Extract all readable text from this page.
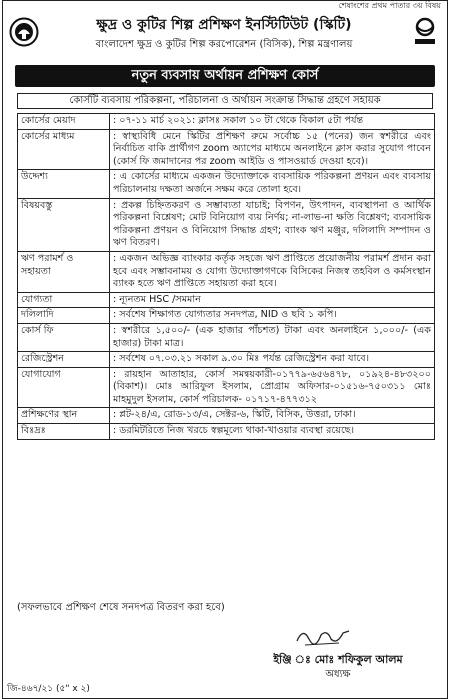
শেষাংশের প্রথম পাতার ৩য় বিষয়
ক্ষুদ্র ও কুটির শিল্প প্রশিক্ষণ ইনস্টিটিউট (স্কিটি)
বাংলাদেশ ক্ষুদ্র ও কুটির শিল্প করপোরেশন (বিসিক), শিল্প মন্ত্রণালয়
নতুন ব্যবসায় অর্থায়ন প্রশিক্ষণ কোর্স
কোর্সটি ব্যবসায় পরিকল্পনা, পরিচালনা ও অর্থায়ন সংক্রান্ত সিদ্ধান্ত গ্রহণে সহায়ক
কোর্সের মেয়াদ	: ০৭-১১ মার্চ ২০২১: ক্লাসঃ সকাল ১০ টা থেকে বিকাল ৫টা পর্যন্ত
কোর্সের মাধ্যম	: স্বাস্থ্যবিধি মেনে স্কিটির প্রশিক্ষণ রুমে সর্বোচ্চ ১৫ (পনের) জন স্বশরীরে এবং নির্বাচিত বাকি প্রার্থীগণ zoom অ্যাপের মাধ্যমে অনলাইনে ক্লাস করার সুযোগ পাবেন (কোর্স ফি জমাদানের পর zoom আইডি ও পাসওয়ার্ড দেওয়া হবে)।
উদ্দেশ্য	: এ কোর্সের মাধ্যমে একজন উদ্যোক্তাকে ব্যবসায়িক পরিকল্পনা প্রণয়ন এবং ব্যবসায় পরিচালনায় দক্ষতা অর্জনে সক্ষম করে তোলা হবে।
বিষয়বস্তু	: প্রকল্প চিহ্নিতকরণ ও সম্ভাব্যতা যাচাই; বিপণন, উৎপাদন, ব্যবস্থাপনা ও আর্থিক পরিকল্পনা বিশ্লেষণ; মোট বিনিয়োগ ব্যয় নির্ণয়; না-লাভ-না ক্ষতি বিশ্লেষণ; ব্যবসায়িক পরিকল্পনা প্রণয়ন ও বিনিয়োগ সিদ্ধান্ত গ্রহণ; ব্যাংক ঋণ মঞ্জুর, দলিলাদি সম্পাদন ও ঋণ বিতরণ।
ঋণ পরামর্শ ও সহায়তা	: একজন অভিজ্ঞ ব্যাংকার কর্তৃক সহজে ঋণ প্রাপ্তিতে প্রয়োজনীয় পরামর্শ প্রদান করা হবে এবং সম্ভাবনাময় ও যোগ্য উদ্যোক্তাগণকে বিসিকের নিজস্ব তহবিল ও কর্মসংস্থান ব্যাংক হতে ঋণ প্রাপ্তিতে সহায়তা করা হবে।
যোগ্যতা	: ন্যূনতম HSC /সমমান
দলিলাদি	: সর্বশেষ শিক্ষাগত যোগ্যতার সনদপত্র, NID ও ছবি ১ কপি।
কোর্স ফি	: স্বশরীরে ১,৫০০/- (এক হাজার পাঁচশত) টাকা এবং অনলাইনে ১,০০০/- (এক হাজার) টাকা মাত্র।
রেজিস্ট্রেশন	: সর্বশেষ ০৭.০৩.২১ সকাল ৯.৩০ মিঃ পর্যন্ত রেজিস্ট্রেশন করা যাবে।
যোগাযোগ	: রায়হান আতাহার, কোর্স সমন্বয়কারী-০১৭৭৯-৬৫৬৪৭৮, ০১৯২৪-৪৮৩২০০ (বিকাশ)। মোঃ আরিফুল ইসলাম, প্রোগ্রাম অফিসার-০১৫১৬-৭৫০৩১১ মোঃ মাহমুদুল ইসলাম, কোর্স পরিচালক- ০১৭১৭-৪৭৭৩১২
প্রশিক্ষণের স্থান	: প্লট-২৪/এ, রোড-১৩/এ, সেক্টর-৬, স্কিটি, বিসিক, উত্তরা, ঢাকা।
বিঃদ্রঃ	: ডরমিটরিতে নিজ খরচে স্বল্পমূল্যে থাকা-খাওয়ার ব্যবস্থা রয়েছে।
(সফলভাবে প্রশিক্ষণ শেষে সনদপত্র বিতরণ করা হবে)
ইঞ্জি ঃ মোঃ শফিকুল আলম
অধ্যক্ষ
জি-৪৬৭/২১ (৫" x ২)
